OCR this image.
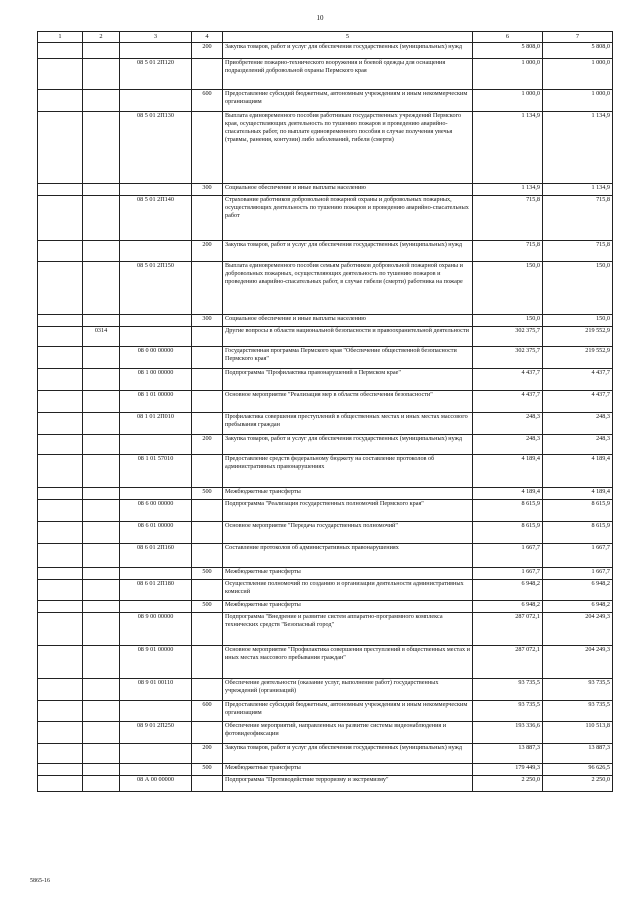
10
1	2	3	4	5	6	7
			200	Закупка товаров, работ и услуг для обеспечения государственных (муниципальных) нужд	5 808,0	5 808,0
		08 5 01 2П120		Приобретение пожарно-технического вооружения и боевой одежды для оснащения подразделений добровольной охраны Пермского края	1 000,0	1 000,0
			600	Предоставление субсидий бюджетным, автономным учреждениям и иным некоммерческим организациям	1 000,0	1 000,0
		08 5 01 2П130		Выплата единовременного пособия работникам государственных учреждений Пермского края, осуществляющих деятельность по тушению пожаров и проведению аварийно-спасательных работ, по выплате единовременного пособия в случае получения увечья (травмы, ранения, контузии) либо заболеваний, гибели (смерти)	1 134,9	1 134,9
			300	Социальное обеспечение и иные выплаты населению	1 134,9	1 134,9
		08 5 01 2П140		Страхование работников добровольной пожарной охраны и добровольных пожарных, осуществляющих деятельность по тушению пожаров и проведению аварийно-спасательных работ	715,8	715,8
			200	Закупка товаров, работ и услуг для обеспечения государственных (муниципальных) нужд	715,8	715,8
		08 5 01 2П150		Выплата единовременного пособия семьям работников добровольной пожарной охраны и добровольных пожарных, осуществляющих деятельность по тушению пожаров и проведению аварийно-спасательных работ, в случае гибели (смерти) работника на пожаре	150,0	150,0
			300	Социальное обеспечение и иные выплаты населению	150,0	150,0
	0314			Другие вопросы в области национальной безопасности и правоохранительной деятельности	302 375,7	219 552,9
		08 0 00 00000		Государственная программа Пермского края "Обеспечение общественной безопасности Пермского края"	302 375,7	219 552,9
		08 1 00 00000		Подпрограмма "Профилактика правонарушений в Пермском крае"	4 437,7	4 437,7
		08 1 01 00000		Основное мероприятие "Реализация мер в области обеспечения безопасности"	4 437,7	4 437,7
		08 1 01 2П010		Профилактика совершения преступлений в общественных местах и иных местах массового пребывания граждан	248,3	248,3
			200	Закупка товаров, работ и услуг для обеспечения государственных (муниципальных) нужд	248,3	248,3
		08 1 01 57010		Предоставление средств федеральному бюджету на составление протоколов об административных правонарушениях	4 189,4	4 189,4
			500	Межбюджетные трансферты	4 189,4	4 189,4
		08 6 00 00000		Подпрограмма "Реализация государственных полномочий Пермского края"	8 615,9	8 615,9
		08 6 01 00000		Основное мероприятие "Передача государственных полномочий"	8 615,9	8 615,9
		08 6 01 2П160		Составление протоколов об административных правонарушениях	1 667,7	1 667,7
			500	Межбюджетные трансферты	1 667,7	1 667,7
		08 6 01 2П180		Осуществление полномочий по созданию и организации деятельности административных комиссий	6 948,2	6 948,2
			500	Межбюджетные трансферты	6 948,2	6 948,2
		08 9 00 00000		Подпрограмма "Внедрение и развитие систем аппаратно-программного комплекса технических средств "Безопасный город"	287 072,1	204 249,3
		08 9 01 00000		Основное мероприятие "Профилактика совершения преступлений в общественных местах и иных местах массового пребывания граждан"	287 072,1	204 249,3
		08 9 01 00110		Обеспечение деятельности (оказание услуг, выполнение работ) государственных учреждений (организаций)	93 735,5	93 735,5
			600	Предоставление субсидий бюджетным, автономным учреждениям и иным некоммерческим организациям	93 735,5	93 735,5
		08 9 01 2П250		Обеспечение мероприятий, направленных на развитие системы видеонаблюдения и фотовидеофиксации	193 336,6	110 513,8
			200	Закупка товаров, работ и услуг для обеспечения государственных (муниципальных) нужд	13 887,3	13 887,3
			500	Межбюджетные трансферты	179 449,3	96 626,5
		08 А 00 00000		Подпрограмма "Противодействие терроризму и экстремизму"	2 250,0	2 250,0
5865-16
